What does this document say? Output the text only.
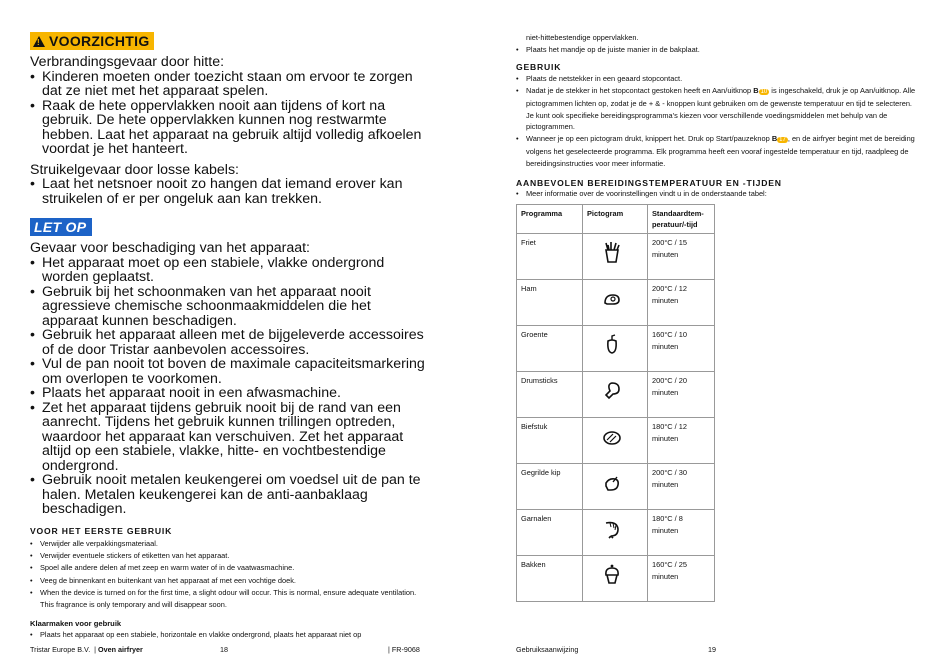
! VOORZICHTIG

Verbrandingsgevaar door hitte:

• Kinderen moeten onder toezicht staan om ervoor te zorgen dat ze niet met het apparaat spelen.
• Raak de hete oppervlakken nooit aan tijdens of kort na gebruik. De hete oppervlakken kunnen nog restwarmte hebben. Laat het apparaat na gebruik altijd volledig afkoelen voordat je het hanteert.

Struikelgevaar door losse kabels:

• Laat het netsnoer nooit zo hangen dat iemand erover kan struikelen of er per ongeluk aan kan trekken.
LET OP

Gevaar voor beschadiging van het apparaat:

• Het apparaat moet op een stabiele, vlakke ondergrond worden geplaatst.
• Gebruik bij het schoonmaken van het apparaat nooit agressieve chemische schoonmaakmiddelen die het apparaat kunnen beschadigen.
• Gebruik het apparaat alleen met de bijgeleverde accessoires of de door Tristar aanbevolen accessoires.
• Vul de pan nooit tot boven de maximale capaciteitsmarkering om overlopen te voorkomen.
• Plaats het apparaat nooit in een afwasmachine.
• Zet het apparaat tijdens gebruik nooit bij de rand van een aanrecht. Tijdens het gebruik kunnen trillingen optreden, waardoor het apparaat kan verschuiven. Zet het apparaat altijd op een stabiele, vlakke, hitte- en vochtbestendige ondergrond.
• Gebruik nooit metalen keukengerei om voedsel uit de pan te halen. Metalen keukengerei kan de anti-aanbaklaag beschadigen.
VOOR HET EERSTE GEBRUIK
• Verwijder alle verpakkingsmateriaal.
• Verwijder eventuele stickers of etiketten van het apparaat.
• Spoel alle andere delen af met zeep en warm water of in de vaatwasmachine.
• Veeg de binnenkant en buitenkant van het apparaat af met een vochtige doek.
• When the device is turned on for the first time, a slight odour will occur. This is normal, ensure adequate ventilation. This fragrance is only temporary and will disappear soon.
Klaarmaken voor gebruik
• Plaats het apparaat op een stabiele, horizontale en vlakke ondergrond, plaats het apparaat niet op
Tristar Europe B.V.  | Oven airfryer	18	| FR-9068
niet-hittebestendige oppervlakken.
• Plaats het mandje op de juiste manier in de bakplaat.
GEBRUIK
• Plaats de netstekker in een geaard stopcontact.
• Nadat je de stekker in het stopcontact gestoken heeft en Aan/uitknop B 10 is ingeschakeld, druk je op Aan/uitknop. Alle pictogrammen lichten op, zodat je de + & - knoppen kunt gebruiken om de gewenste temperatuur en tijd te selecteren. Je kunt ook specifieke bereidingsprogramma's kiezen voor verschillende voedingsmiddelen met behulp van de pictogrammen.
• Wanneer je op een pictogram drukt, knippert het. Druk op Start/pauzeknop B 17 , en de airfryer begint met de bereiding volgens het geselecteerde programma. Elk programma heeft een vooraf ingestelde temperatuur en tijd, raadpleeg de bereidingsinstructies voor meer informatie.
AANBEVOLEN BEREIDINGSTEMPERATUUR EN -TIJDEN
• Meer informatie over de voorinstellingen vindt u in de onderstaande tabel:
Programma	Pictogram	Standaardtem-peratuur/-tijd
Friet		200°C / 15 minuten
Ham		200°C / 12 minuten
Groente		160°C / 10 minuten
Drumsticks		200°C / 20 minuten
Biefstuk		180°C / 12 minuten
Gegrilde kip		200°C / 30 minuten
Garnalen		180°C / 8 minuten
Bakken		160°C / 25 minuten
Gebruiksaanwijzing	19
